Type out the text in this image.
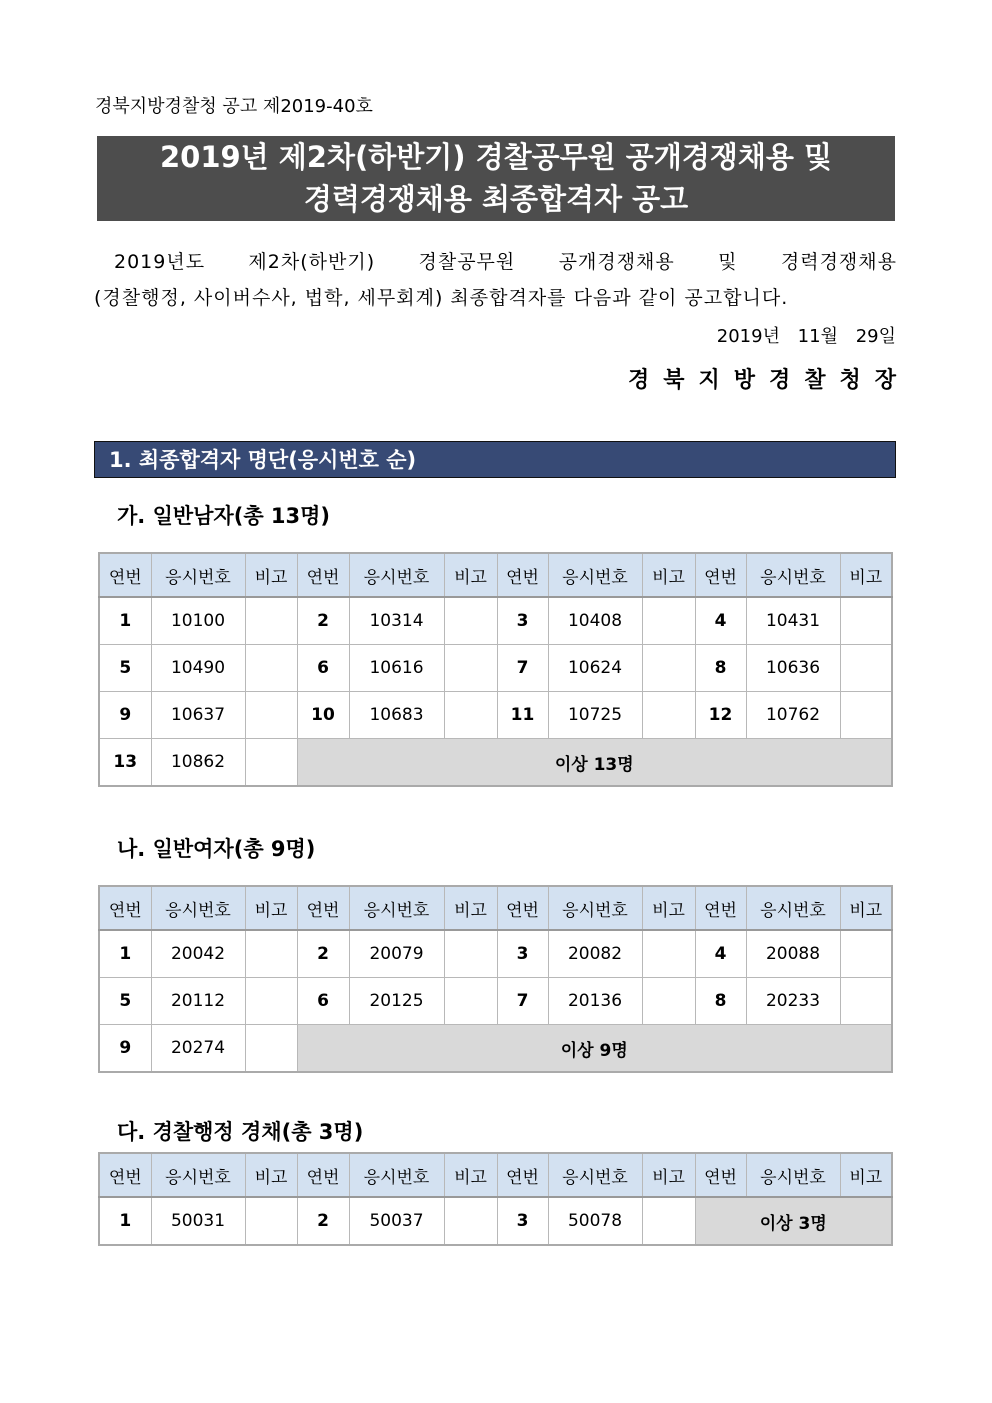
경북지방경찰청 공고 제2019-40호
2019년 제2차(하반기) 경찰공무원 공개경쟁채용 및
경력경쟁채용 최종합격자 공고
2019년도 제2차(하반기) 경찰공무원 공개경쟁채용 및 경력경쟁채용
(경찰행정, 사이버수사, 법학, 세무회계) 최종합격자를 다음과 같이 공고합니다.
2019년 11월 29일
경북지방경찰청장
1. 최종합격자 명단(응시번호 순)
가. 일반남자(총 13명)
연번	응시번호	비고	연번	응시번호	비고	연번	응시번호	비고	연번	응시번호	비고
1	10100		2	10314		3	10408		4	10431	
5	10490		6	10616		7	10624		8	10636	
9	10637		10	10683		11	10725		12	10762	
13	10862		이상 13명								
나. 일반여자(총 9명)
연번	응시번호	비고	연번	응시번호	비고	연번	응시번호	비고	연번	응시번호	비고
1	20042		2	20079		3	20082		4	20088	
5	20112		6	20125		7	20136		8	20233	
9	20274		이상 9명								
다. 경찰행정 경채(총 3명)
연번	응시번호	비고	연번	응시번호	비고	연번	응시번호	비고	연번	응시번호	비고
1	50031		2	50037		3	50078		이상 3명		
